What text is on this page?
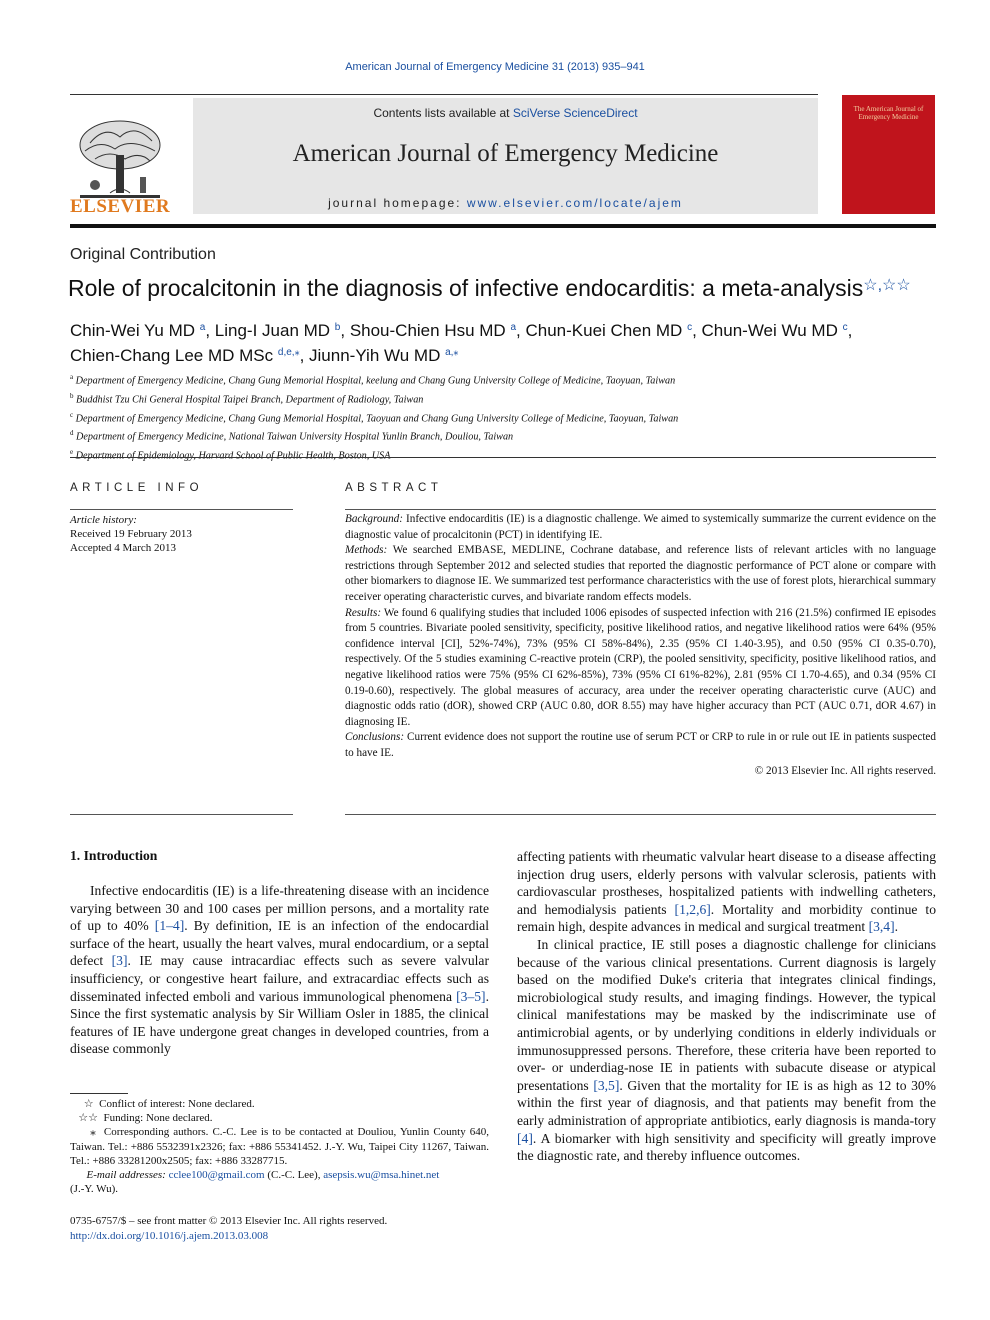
American Journal of Emergency Medicine 31 (2013) 935–941
ELSEVIER
Contents lists available at SciVerse ScienceDirect
American Journal of Emergency Medicine
journal homepage: www.elsevier.com/locate/ajem
The American Journal of Emergency Medicine
Original Contribution
Role of procalcitonin in the diagnosis of infective endocarditis: a meta-analysis☆,☆☆
Chin-Wei Yu MD $^a$, Ling-I Juan MD $^b$, Shou-Chien Hsu MD $^a$, Chun-Kuei Chen MD $^c$, Chun-Wei Wu MD $^c$,
Chien-Chang Lee MD MSc $^{d,e,⁎}$, Jiunn-Yih Wu MD $^{a,⁎}$
$^a$ Department of Emergency Medicine, Chang Gung Memorial Hospital, keelung and Chang Gung University College of Medicine, Taoyuan, Taiwan
$^b$ Buddhist Tzu Chi General Hospital Taipei Branch, Department of Radiology, Taiwan
$^c$ Department of Emergency Medicine, Chang Gung Memorial Hospital, Taoyuan and Chang Gung University College of Medicine, Taoyuan, Taiwan
$^d$ Department of Emergency Medicine, National Taiwan University Hospital Yunlin Branch, Douliou, Taiwan
$^e$
ARTICLE INFO	ABSTRACT
Article history:
Received 19 February 2013
Accepted 4 March 2013

Background: Infective endocarditis (IE) is a diagnostic challenge. We aimed to systemically summarize the current evidence on the diagnostic value of procalcitonin (PCT) in identifying IE.

Methods: We searched EMBASE, MEDLINE, Cochrane database, and reference lists of relevant articles with no language restrictions through September 2012 and selected studies that reported the diagnostic performance of PCT alone or compare with other biomarkers to diagnose IE. We summarized test performance characteristics with the use of forest plots, hierarchical summary receiver operating characteristic curves, and bivariate random effects models.

Results: We found 6 qualifying studies that included 1006 episodes of suspected infection with 216 (21.5%) confirmed IE episodes from 5 countries. Bivariate pooled sensitivity, specificity, positive likelihood ratios, and negative likelihood ratios were 64% (95% confidence interval [CI], 52%-74%), 73% (95% CI 58%-84%), 2.35 (95% CI 1.40-3.95), and 0.50 (95% CI 0.35-0.70), respectively. Of the 5 studies examining C-reactive protein (CRP), the pooled sensitivity, specificity, positive likelihood ratios, and negative likelihood ratios were 75% (95% CI 62%-85%), 73% (95% CI 61%-82%), 2.81 (95% CI 1.70-4.65), and 0.34 (95% CI 0.19-0.60), respectively. The global measures of accuracy, area under the receiver operating characteristic curve (AUC) and diagnostic odds ratio (dOR), showed CRP (AUC 0.80, dOR 8.55) may have higher accuracy than PCT (AUC 0.71, dOR 4.67) in diagnosing IE.

Conclusions: Current evidence does not support the routine use of serum PCT or CRP to rule in or rule out IE in patients suspected to have IE.

© 2013 Elsevier Inc. All rights reserved.

1. Introduction

Infective endocarditis (IE) is a life-threatening disease with an incidence varying between 30 and 100 cases per million persons, and a mortality rate of up to 40% [1–4]. By definition, IE is an infection of the endocardial surface of the heart, usually the heart valves, mural endocardium, or a septal defect [3]. IE may cause intracardiac effects such as severe valvular insufficiency, or congestive heart failure, and extracardiac effects such as disseminated infected emboli and various immunological phenomena [3–5]. Since the first systematic analysis by Sir William Osler in 1885, the clinical features of IE have undergone great changes in developed countries, from a disease commonly

affecting patients with rheumatic valvular heart disease to a disease affecting injection drug users, elderly persons with valvular sclerosis, patients with cardiovascular prostheses, hospitalized patients with indwelling catheters, and hemodialysis patients [1,2,6]. Mortality and morbidity continue to remain high, despite advances in medical and surgical treatment [3,4].

In clinical practice, IE still poses a diagnostic challenge for clinicians because of the various clinical presentations. Current diagnosis is largely based on the modified Duke's criteria that integrates clinical findings, microbiological study results, and imaging findings. However, the typical clinical manifestations may be masked by the indiscriminate use of antimicrobial agents, or by underlying conditions in elderly individuals or immunosuppressed persons. Therefore, these criteria have been reported to over- or underdiag-nose IE in patients with subacute disease or atypical presentations [3,5]. Given that the mortality for IE is as high as 12 to 30% within the first year of diagnosis, and that patients may benefit from the early administration of appropriate antibiotics, early diagnosis is manda-tory [4]. A biomarker with high sensitivity and specificity will greatly improve the diagnostic rate, and thereby influence outcomes.

☆ Conflict of interest: None declared.

☆☆ Funding: None declared.

⁎ Corresponding authors. C.-C. Lee is to be contacted at Douliou, Yunlin County 640, Taiwan. Tel.: +886 5532391x2326; fax: +886 55341452. J.-Y. Wu, Taipei City 11267, Taiwan. Tel.: +886 33281200x2505; fax: +886 33287715.

E-mail addresses: cclee100@gmail.com (C.-C. Lee), asepsis.wu@msa.hinet.net
(J.-Y. Wu).

0735-6757/$ – see front matter © 2013 Elsevier Inc. All rights reserved.
http://dx.doi.org/10.1016/j.ajem.2013.03.008
